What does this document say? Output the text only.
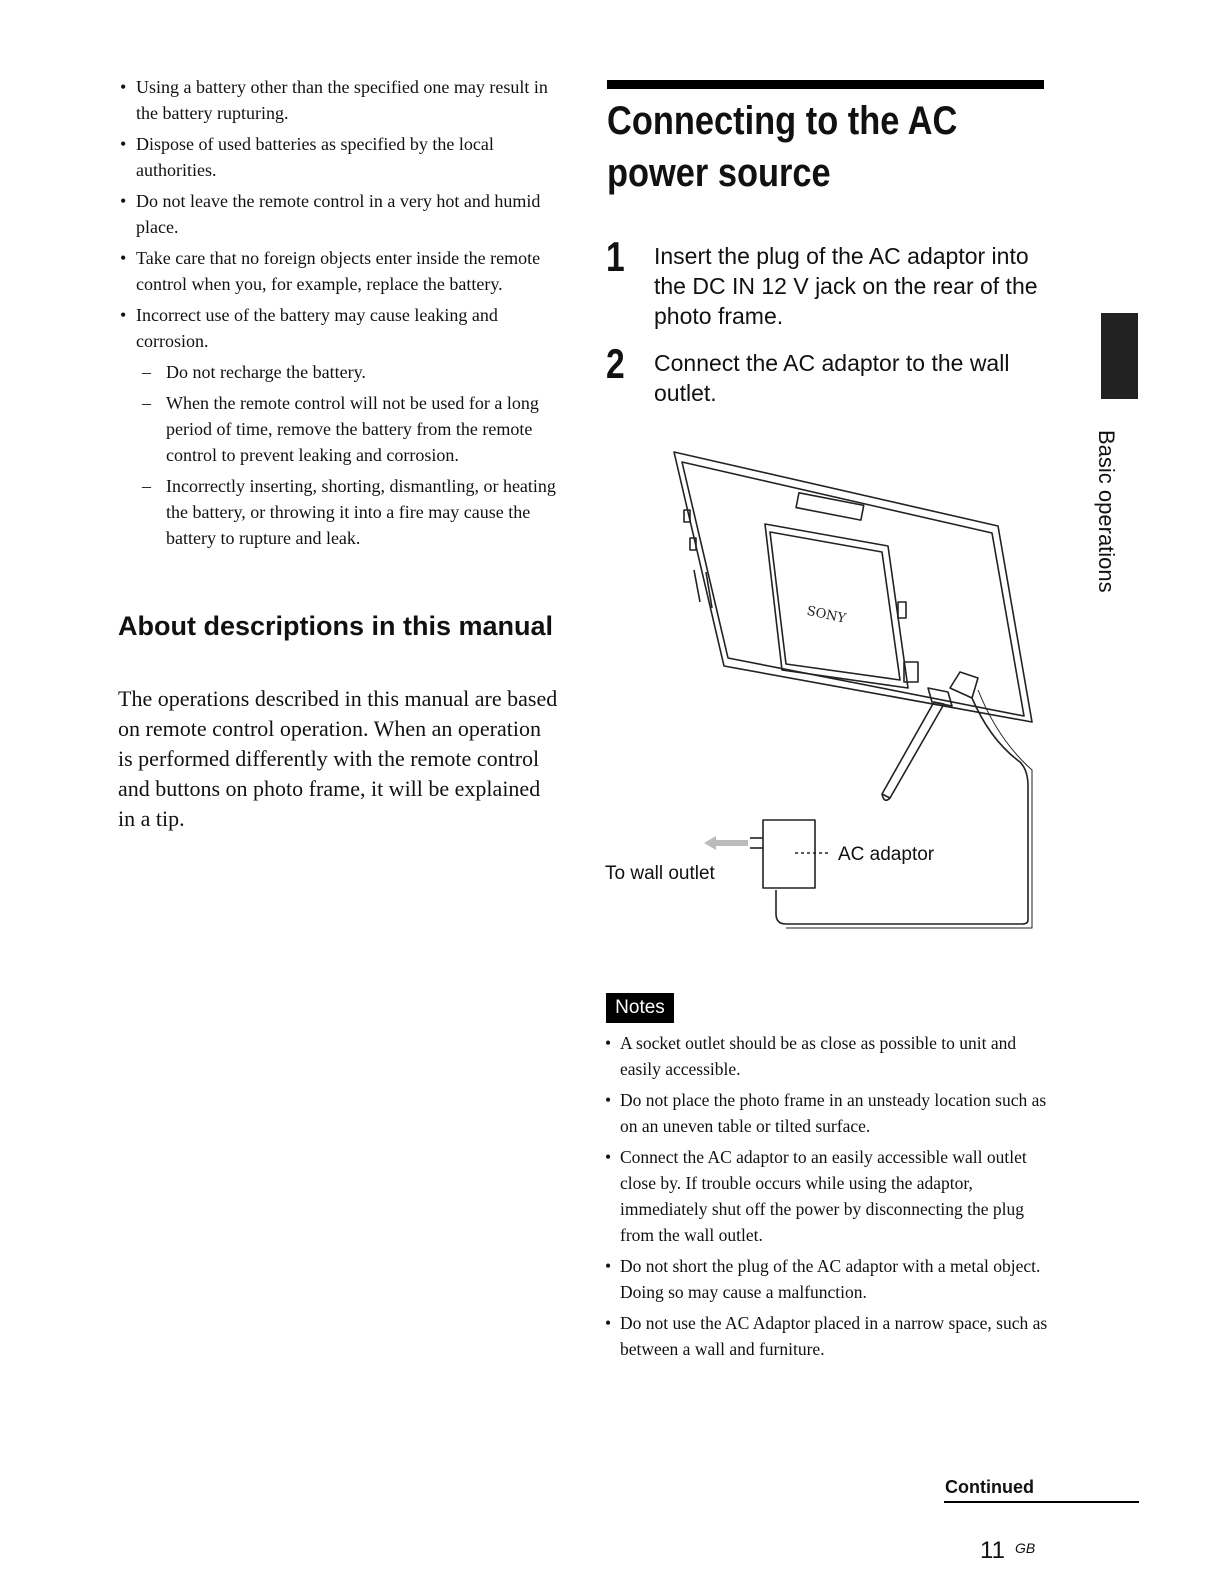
• Using a battery other than the specified one may result in the battery rupturing.
• Dispose of used batteries as specified by the local authorities.
• Do not leave the remote control in a very hot and humid place.
• Take care that no foreign objects enter inside the remote control when you, for example, replace the battery.
• Incorrect use of the battery may cause leaking and corrosion.
– Do not recharge the battery.
– When the remote control will not be used for a long period of time, remove the battery from the remote control to prevent leaking and corrosion.
– Incorrectly inserting, shorting, dismantling, or heating the battery, or throwing it into a fire may cause the battery to rupture and leak.
About descriptions in this manual

The operations described in this manual are based on remote control operation. When an operation is performed differently with the remote control and buttons on photo frame, it will be explained in a tip.

Connecting to the AC power source
1 Insert the plug of the AC adaptor into the DC IN 12 V jack on the rear of the photo frame.
2 Connect the AC adaptor to the wall outlet.
SONY
To wall outlet
AC adaptor
Basic operations
Notes
• A socket outlet should be as close as possible to unit and easily accessible.
• Do not place the photo frame in an unsteady location such as on an uneven table or tilted surface.
• Connect the AC adaptor to an easily accessible wall outlet close by. If trouble occurs while using the adaptor, immediately shut off the power by disconnecting the plug from the wall outlet.
• Do not short the plug of the AC adaptor with a metal object. Doing so may cause a malfunction.
• Do not use the AC Adaptor placed in a narrow space, such as between a wall and furniture.
Continued
11 GB
